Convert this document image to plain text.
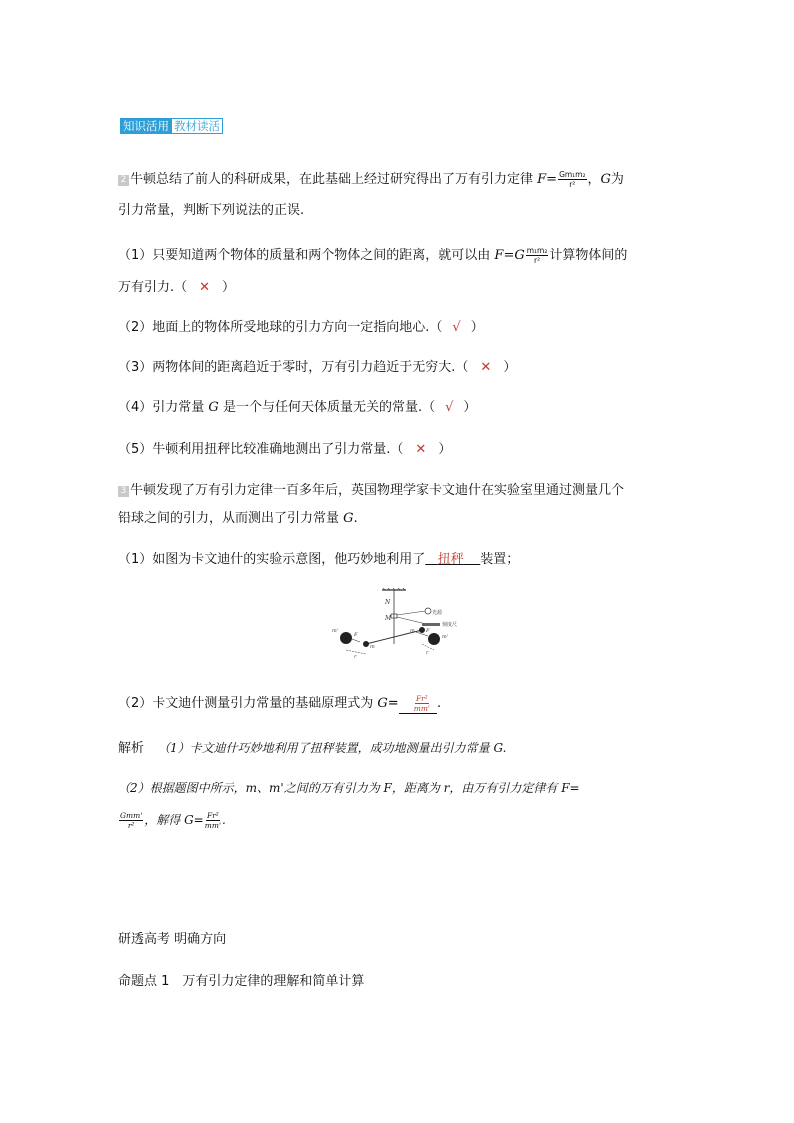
知识活用 教材读活
2 牛顿总结了前人的科研成果，在此基础上经过研究得出了万有引力定律 $F= \frac{\text{Gm₁m₂}}{\text{r²}}$ ，G为
引力常量，判断下列说法的正误.
（1）只要知道两个物体的质量和两个物体之间的距离，就可以由 $F=G \frac{\text{m₁m₂}}{\text{r²}}$ 计算物体间的
万有引力.（ ✕ ）
（2）地面上的物体所受地球的引力方向一定指向地心.（ √ ）
（3）两物体间的距离趋近于零时，万有引力趋近于无穷大.（ ✕ ）
（4）引力常量 G 是一个与任何天体质量无关的常量.（ √ ）
（5）牛顿利用扭秤比较准确地测出了引力常量.（ ✕ ）
3 牛顿发现了万有引力定律一百多年后，英国物理学家卡文迪什在实验室里通过测量几个
铅球之间的引力，从而测出了引力常量 G.
（1）如图为卡文迪什的实验示意图，他巧妙地利用了 扭秤 装置；
N
M
光源
刻度尺
m'
m
m
m'
F
F
r
r
（2）卡文迪什测量引力常量的基础原理式为 $G= \frac{\text{Fr²}}{mm'}$ .
解析 （1）卡文迪什巧妙地利用了扭秤装置，成功地测量出引力常量 G.
（2）根据题图中所示，m、m'之间的万有引力为 F，距离为 r，由万有引力定律有 F=
$\frac{\text{Gmm'}}{\text{r²}}$ ，解得 $G= \frac{\text{Fr²}}{mm'}$ .
研透高考 明确方向
命题点 1　万有引力定律的理解和简单计算
